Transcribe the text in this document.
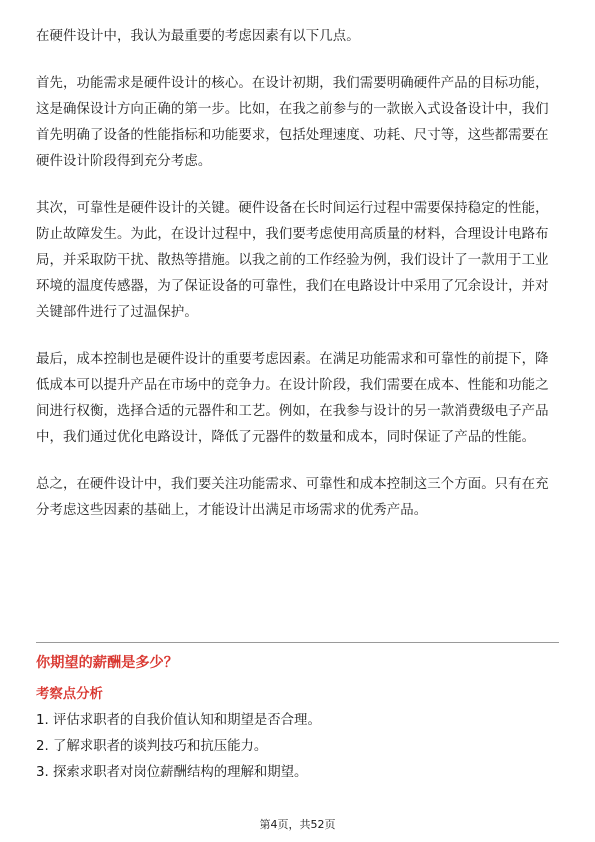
在硬件设计中，我认为最重要的考虑因素有以下几点。

首先，功能需求是硬件设计的核心。在设计初期，我们需要明确硬件产品的目标功能，这是确保设计方向正确的第一步。比如，在我之前参与的一款嵌入式设备设计中，我们首先明确了设备的性能指标和功能要求，包括处理速度、功耗、尺寸等，这些都需要在硬件设计阶段得到充分考虑。

其次，可靠性是硬件设计的关键。硬件设备在长时间运行过程中需要保持稳定的性能，防止故障发生。为此，在设计过程中，我们要考虑使用高质量的材料，合理设计电路布局，并采取防干扰、散热等措施。以我之前的工作经验为例，我们设计了一款用于工业环境的温度传感器，为了保证设备的可靠性，我们在电路设计中采用了冗余设计，并对关键部件进行了过温保护。

最后，成本控制也是硬件设计的重要考虑因素。在满足功能需求和可靠性的前提下，降低成本可以提升产品在市场中的竞争力。在设计阶段，我们需要在成本、性能和功能之间进行权衡，选择合适的元器件和工艺。例如，在我参与设计的另一款消费级电子产品中，我们通过优化电路设计，降低了元器件的数量和成本，同时保证了产品的性能。

总之，在硬件设计中，我们要关注功能需求、可靠性和成本控制这三个方面。只有在充分考虑这些因素的基础上，才能设计出满足市场需求的优秀产品。

你期望的薪酬是多少？
考察点分析
1. 评估求职者的自我价值认知和期望是否合理。
2. 了解求职者的谈判技巧和抗压能力。
3. 探索求职者对岗位薪酬结构的理解和期望。
第4页，共52页
